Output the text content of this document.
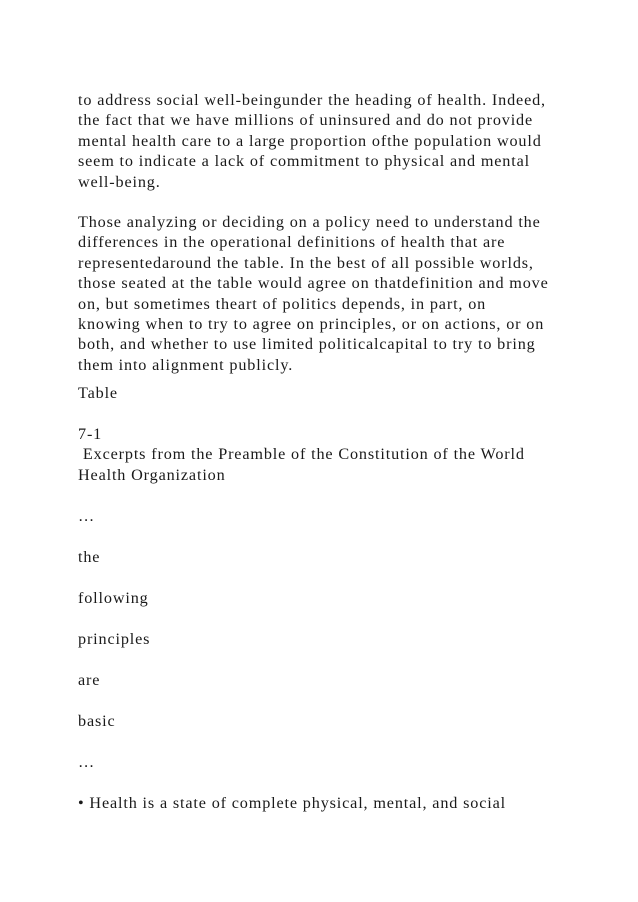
to address social well-beingunder the heading of health. Indeed,
the fact that we have millions of uninsured and do not provide
mental health care to a large proportion ofthe population would
seem to indicate a lack of commitment to physical and mental
well-being.

Those analyzing or deciding on a policy need to understand the
differences in the operational definitions of health that are
representedaround the table. In the best of all possible worlds,
those seated at the table would agree on thatdefinition and move
on, but sometimes theart of politics depends, in part, on
knowing when to try to agree on principles, or on actions, or on
both, and whether to use limited politicalcapital to try to bring
them into alignment publicly.

Table

7-1
Excerpts from the Preamble of the Constitution of the World
Health Organization

…

the

following

principles

are

basic

…

• Health is a state of complete physical, mental, and social
